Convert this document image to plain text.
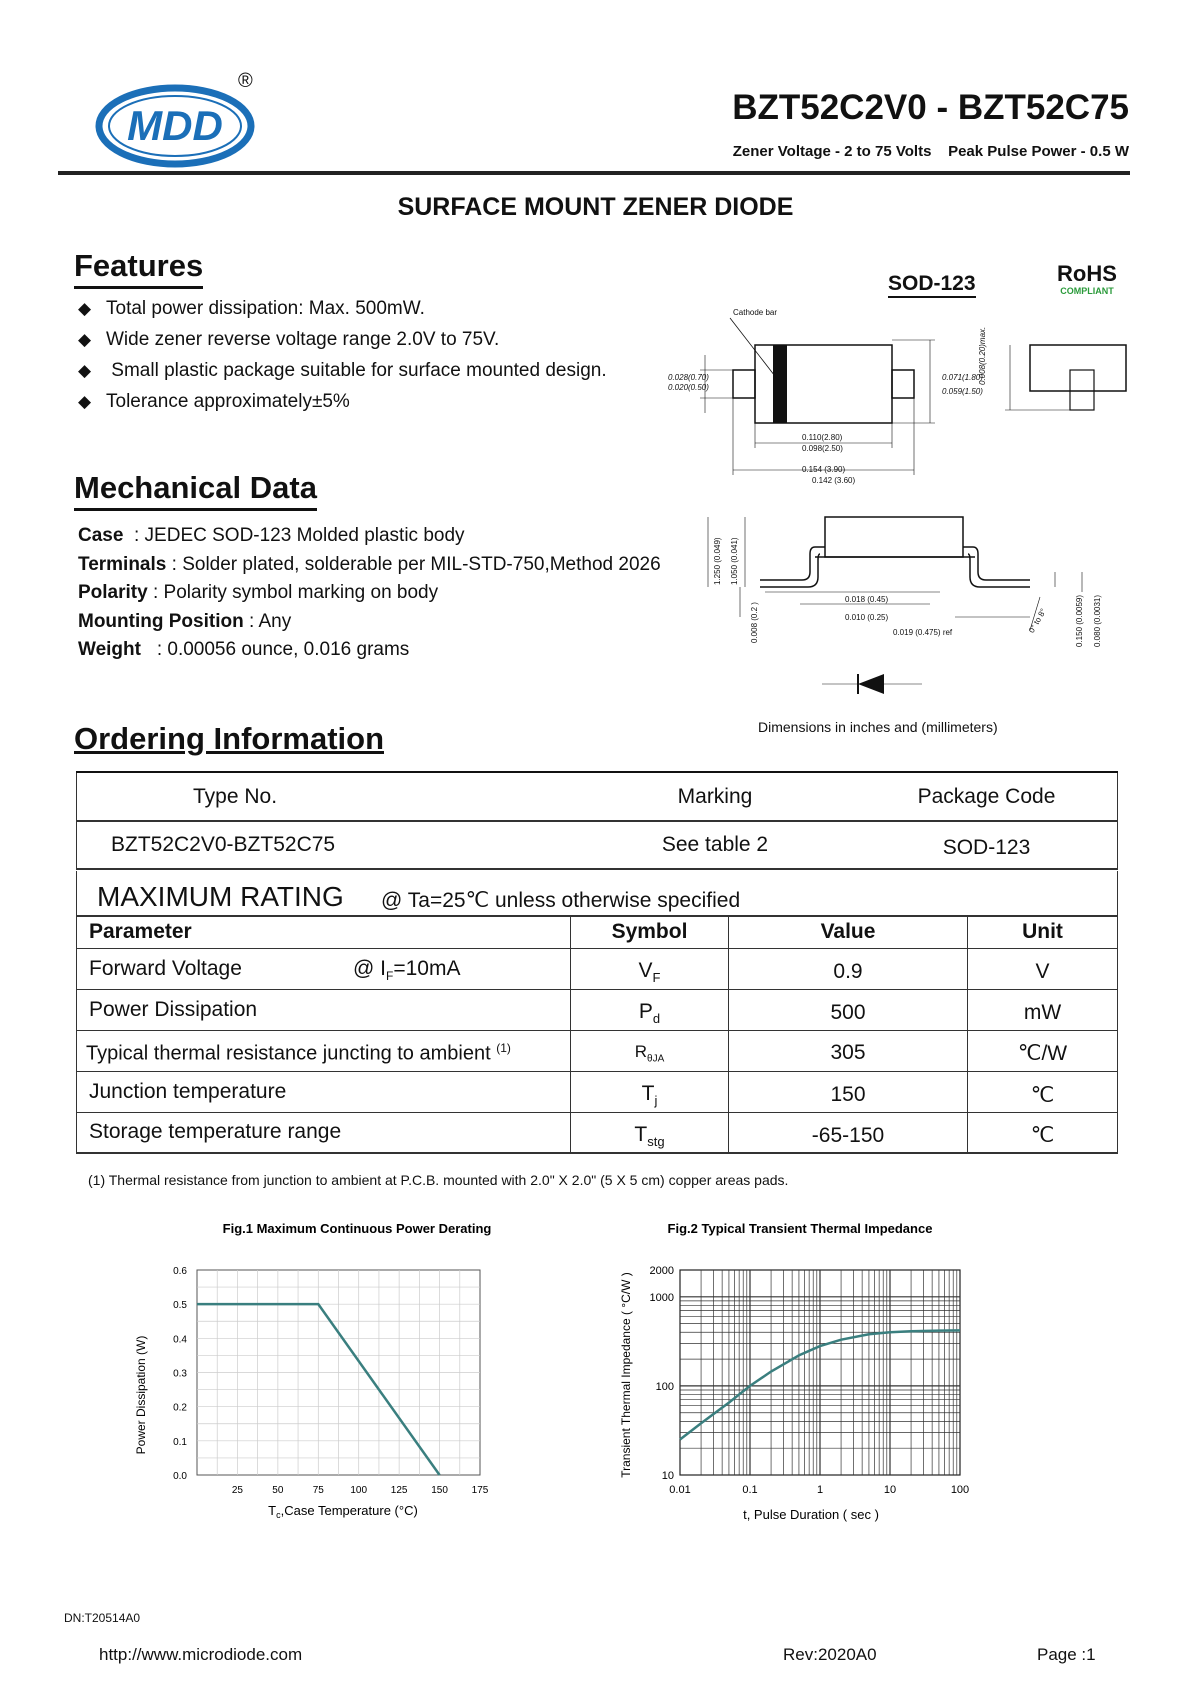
MDD
®
BZT52C2V0 - BZT52C75
Zener Voltage - 2 to 75 Volts Peak Pulse Power - 0.5 W
SURFACE MOUNT ZENER DIODE
Features
◆ Total power dissipation: Max. 500mW.
◆ Wide zener reverse voltage range 2.0V to 75V.
◆ Small plastic package suitable for surface mounted design.
◆ Tolerance approximately±5%
SOD-123	RoHS
COMPLIANT
Cathode bar
0.028(0.70)
0.020(0.50)
0.071(1.80)
0.059(1.50)
0.110(2.80)
0.098(2.50)
0.154 (3.90)
0.142 (3.60)
0.008(0.20)max.
1.250 (0.049) 1.050 (0.041)
0.018 (0.45)
0.010 (0.25)
0.008 (0.2 )	0.019 (0.475) ref	0° to 8°	0.150 (0.0059) 0.080 (0.0031)
Dimensions in inches and (millimeters)
Mechanical Data
Case  : JEDEC SOD-123 Molded plastic body
Terminals : Solder plated, solderable per MIL-STD-750,Method 2026
Polarity : Polarity symbol marking on body
Mounting Position : Any
Weight   : 0.00056 ounce, 0.016 grams
Ordering Information
Type No.	Marking	Package Code
BZT52C2V0-BZT52C75	See table 2	SOD-123
MAXIMUM RATING @ Ta=25℃ unless otherwise specified
Parameter	Symbol	Value	Unit
Forward Voltage @ $I_F=10mA$	$V_F$	0.9	V
Power Dissipation	$P_d$	500	mW
Typical thermal resistance juncting to ambient $^{(1)}$	$R_{\theta JA}$	305	℃/W
Junction temperature	$T_j$	150	℃
Storage temperature range	$T_{stg}$	-65-150	℃
(1) Thermal resistance from junction to ambient at P.C.B. mounted with 2.0" X 2.0" (5 X 5 cm) copper areas pads.
Fig.1 Maximum Continuous Power Derating
25	50	75	100 125 150 175
0.0
0.1
0.2
0.3
0.4
0.5
0.6
Power Dissipation (W)
$T_c,Case$ Temperature (°C)
Fig.2 Typical Transient Thermal Impedance
0.01	0.1	1	10	100
10
100
1000
2000
Transient Thermal Impedance ( °C/W )
t, Pulse Duration ( sec )
DN:T20514A0
http://www.microdiode.com	Rev:2020A0	Page :1
